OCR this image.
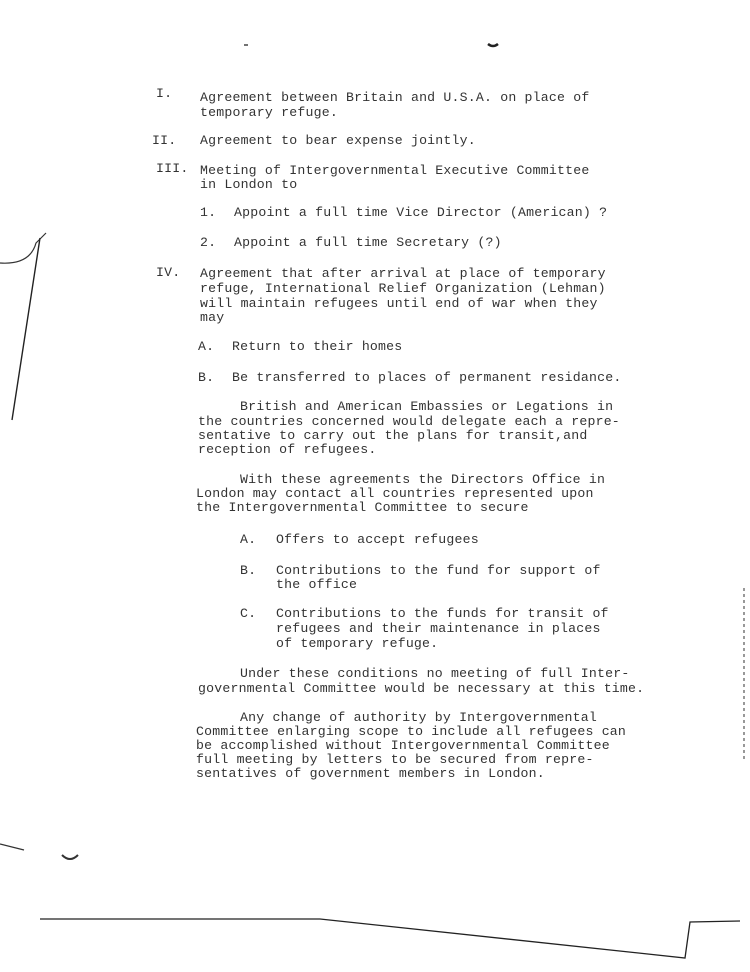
I. Agreement between Britain and U.S.A. on place of
temporary refuge.
II. Agreement to bear expense jointly.
III. Meeting of Intergovernmental Executive Committee
in London to
1. Appoint a full time Vice Director (American) ?
2. Appoint a full time Secretary (?)
IV. Agreement that after arrival at place of temporary
refuge, International Relief Organization (Lehman)
will maintain refugees until end of war when they
may
A. Return to their homes
B. Be transferred to places of permanent residance.
British and American Embassies or Legations in
the countries concerned would delegate each a repre-
sentative to carry out the plans for transit,and
reception of refugees.
With these agreements the Directors Office in
London may contact all countries represented upon
the Intergovernmental Committee to secure
A. Offers to accept refugees
B. Contributions to the fund for support of
the office
C. Contributions to the funds for transit of
refugees and their maintenance in places
of temporary refuge.
Under these conditions no meeting of full Inter-
governmental Committee would be necessary at this time.
Any change of authority by Intergovernmental
Committee enlarging scope to include all refugees can
be accomplished without Intergovernmental Committee
full meeting by letters to be secured from repre-
sentatives of government members in London.
